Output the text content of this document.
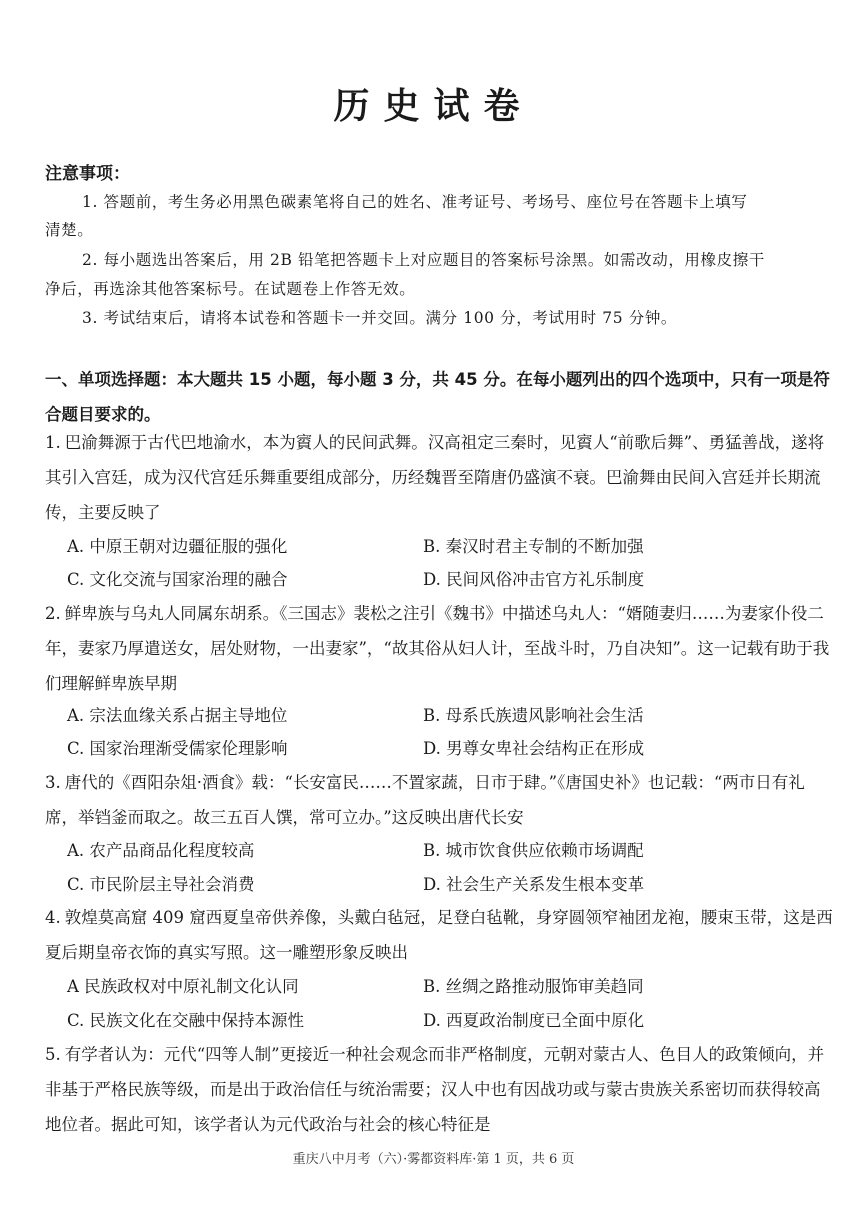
历史试卷
注意事项：
1. 答题前，考生务必用黑色碳素笔将自己的姓名、准考证号、考场号、座位号在答题卡上填写
清楚。
2. 每小题选出答案后，用 2B 铅笔把答题卡上对应题目的答案标号涂黑。如需改动，用橡皮擦干
净后，再选涂其他答案标号。在试题卷上作答无效。
3. 考试结束后，请将本试卷和答题卡一并交回。满分 100 分，考试用时 75 分钟。
一、单项选择题：本大题共 15 小题，每小题 3 分，共 45 分。在每小题列出的四个选项中，只有一项是符合题目要求的。
1. 巴渝舞源于古代巴地渝水，本为賨人的民间武舞。汉高祖定三秦时，见賨人“前歌后舞”、勇猛善战，遂将其引入宫廷，成为汉代宫廷乐舞重要组成部分，历经魏晋至隋唐仍盛演不衰。巴渝舞由民间入宫廷并长期流传，主要反映了
A. 中原王朝对边疆征服的强化	B. 秦汉时君主专制的不断加强
C. 文化交流与国家治理的融合	D. 民间风俗冲击官方礼乐制度
2. 鲜卑族与乌丸人同属东胡系。《三国志》裴松之注引《魏书》中描述乌丸人：“婿随妻归……为妻家仆役二年，妻家乃厚遣送女，居处财物，一出妻家”，“故其俗从妇人计，至战斗时，乃自决知”。这一记载有助于我们理解鲜卑族早期
A. 宗法血缘关系占据主导地位	B. 母系氏族遗风影响社会生活
C. 国家治理渐受儒家伦理影响	D. 男尊女卑社会结构正在形成
3. 唐代的《酉阳杂俎·酒食》载：“长安富民……不置家蔬，日市于肆。”《唐国史补》也记载：“两市日有礼席，举铛釜而取之。故三五百人馔，常可立办。”这反映出唐代长安
A. 农产品商品化程度较高	B. 城市饮食供应依赖市场调配
C. 市民阶层主导社会消费	D. 社会生产关系发生根本变革
4. 敦煌莫高窟 409 窟西夏皇帝供养像，头戴白毡冠，足登白毡靴，身穿圆领窄袖团龙袍，腰束玉带，这是西夏后期皇帝衣饰的真实写照。这一雕塑形象反映出
A 民族政权对中原礼制文化认同	B. 丝绸之路推动服饰审美趋同
C. 民族文化在交融中保持本源性	D. 西夏政治制度已全面中原化
5. 有学者认为：元代“四等人制”更接近一种社会观念而非严格制度，元朝对蒙古人、色目人的政策倾向，并非基于严格民族等级，而是出于政治信任与统治需要；汉人中也有因战功或与蒙古贵族关系密切而获得较高地位者。据此可知，该学者认为元代政治与社会的核心特征是
重庆八中月考（六）·雾都资料库·第 1 页，共 6 页
